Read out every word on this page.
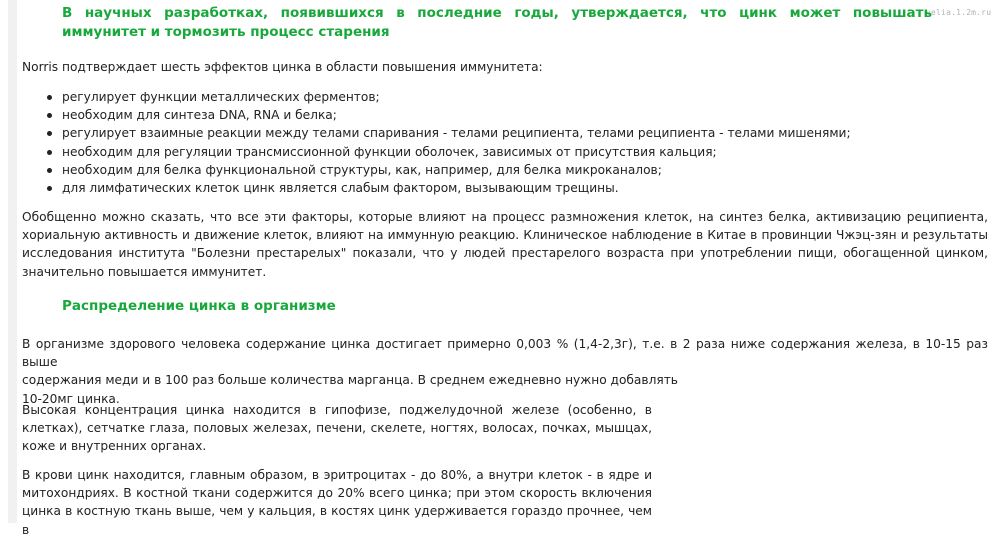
velia.1.2m.ru
В научных разработках, появившихся в последние годы, утверждается, что цинк может повышать иммунитет и тормозить процесс старения

Norris подтверждает шесть эффектов цинка в области повышения иммунитета:

регулирует функции металлических ферментов;
необходим для синтеза DNA, RNA и белка;
регулирует взаимные реакции между телами спаривания - телами реципиента, телами реципиента - телами мишенями;
необходим для регуляции трансмиссионной функции оболочек, зависимых от присутствия кальция;
необходим для белка функциональной структуры, как, например, для белка микроканалов;
для лимфатических клеток цинк является слабым фактором, вызывающим трещины.

Обобщенно можно сказать, что все эти факторы, которые влияют на процесс размножения клеток, на синтез белка, активизацию реципиента, хориальную активность и движение клеток, влияют на иммунную реакцию. Клиническое наблюдение в Китае в провинции Чжэц-зян и результаты исследования института "Болезни престарелых" показали, что у людей престарелого возраста при употреблении пищи, обогащенной цинком, значительно повышается иммунитет.

Распределение цинка в организме

В организме здорового человека содержание цинка достигает примерно 0,003 % (1,4-2,3г), т.е. в 2 раза ниже содержания железа, в 10-15 раз выше
содержания меди и в 100 раз больше количества марганца. В среднем ежедневно нужно добавлять
10-20мг цинка.

Высокая концентрация цинка находится в гипофизе, поджелудочной железе (особенно, в клетках), сетчатке глаза, половых железах, печени, скелете, ногтях, волосах, почках, мышцах, коже и внутренних органах.

В крови цинк находится, главным образом, в эритроцитах - до 80%, а внутри клеток - в ядре и митохондриях. В костной ткани содержится до 20% всего цинка; при этом скорость включения цинка в костную ткань выше, чем у кальция, в костях цинк удерживается гораздо прочнее, чем в
